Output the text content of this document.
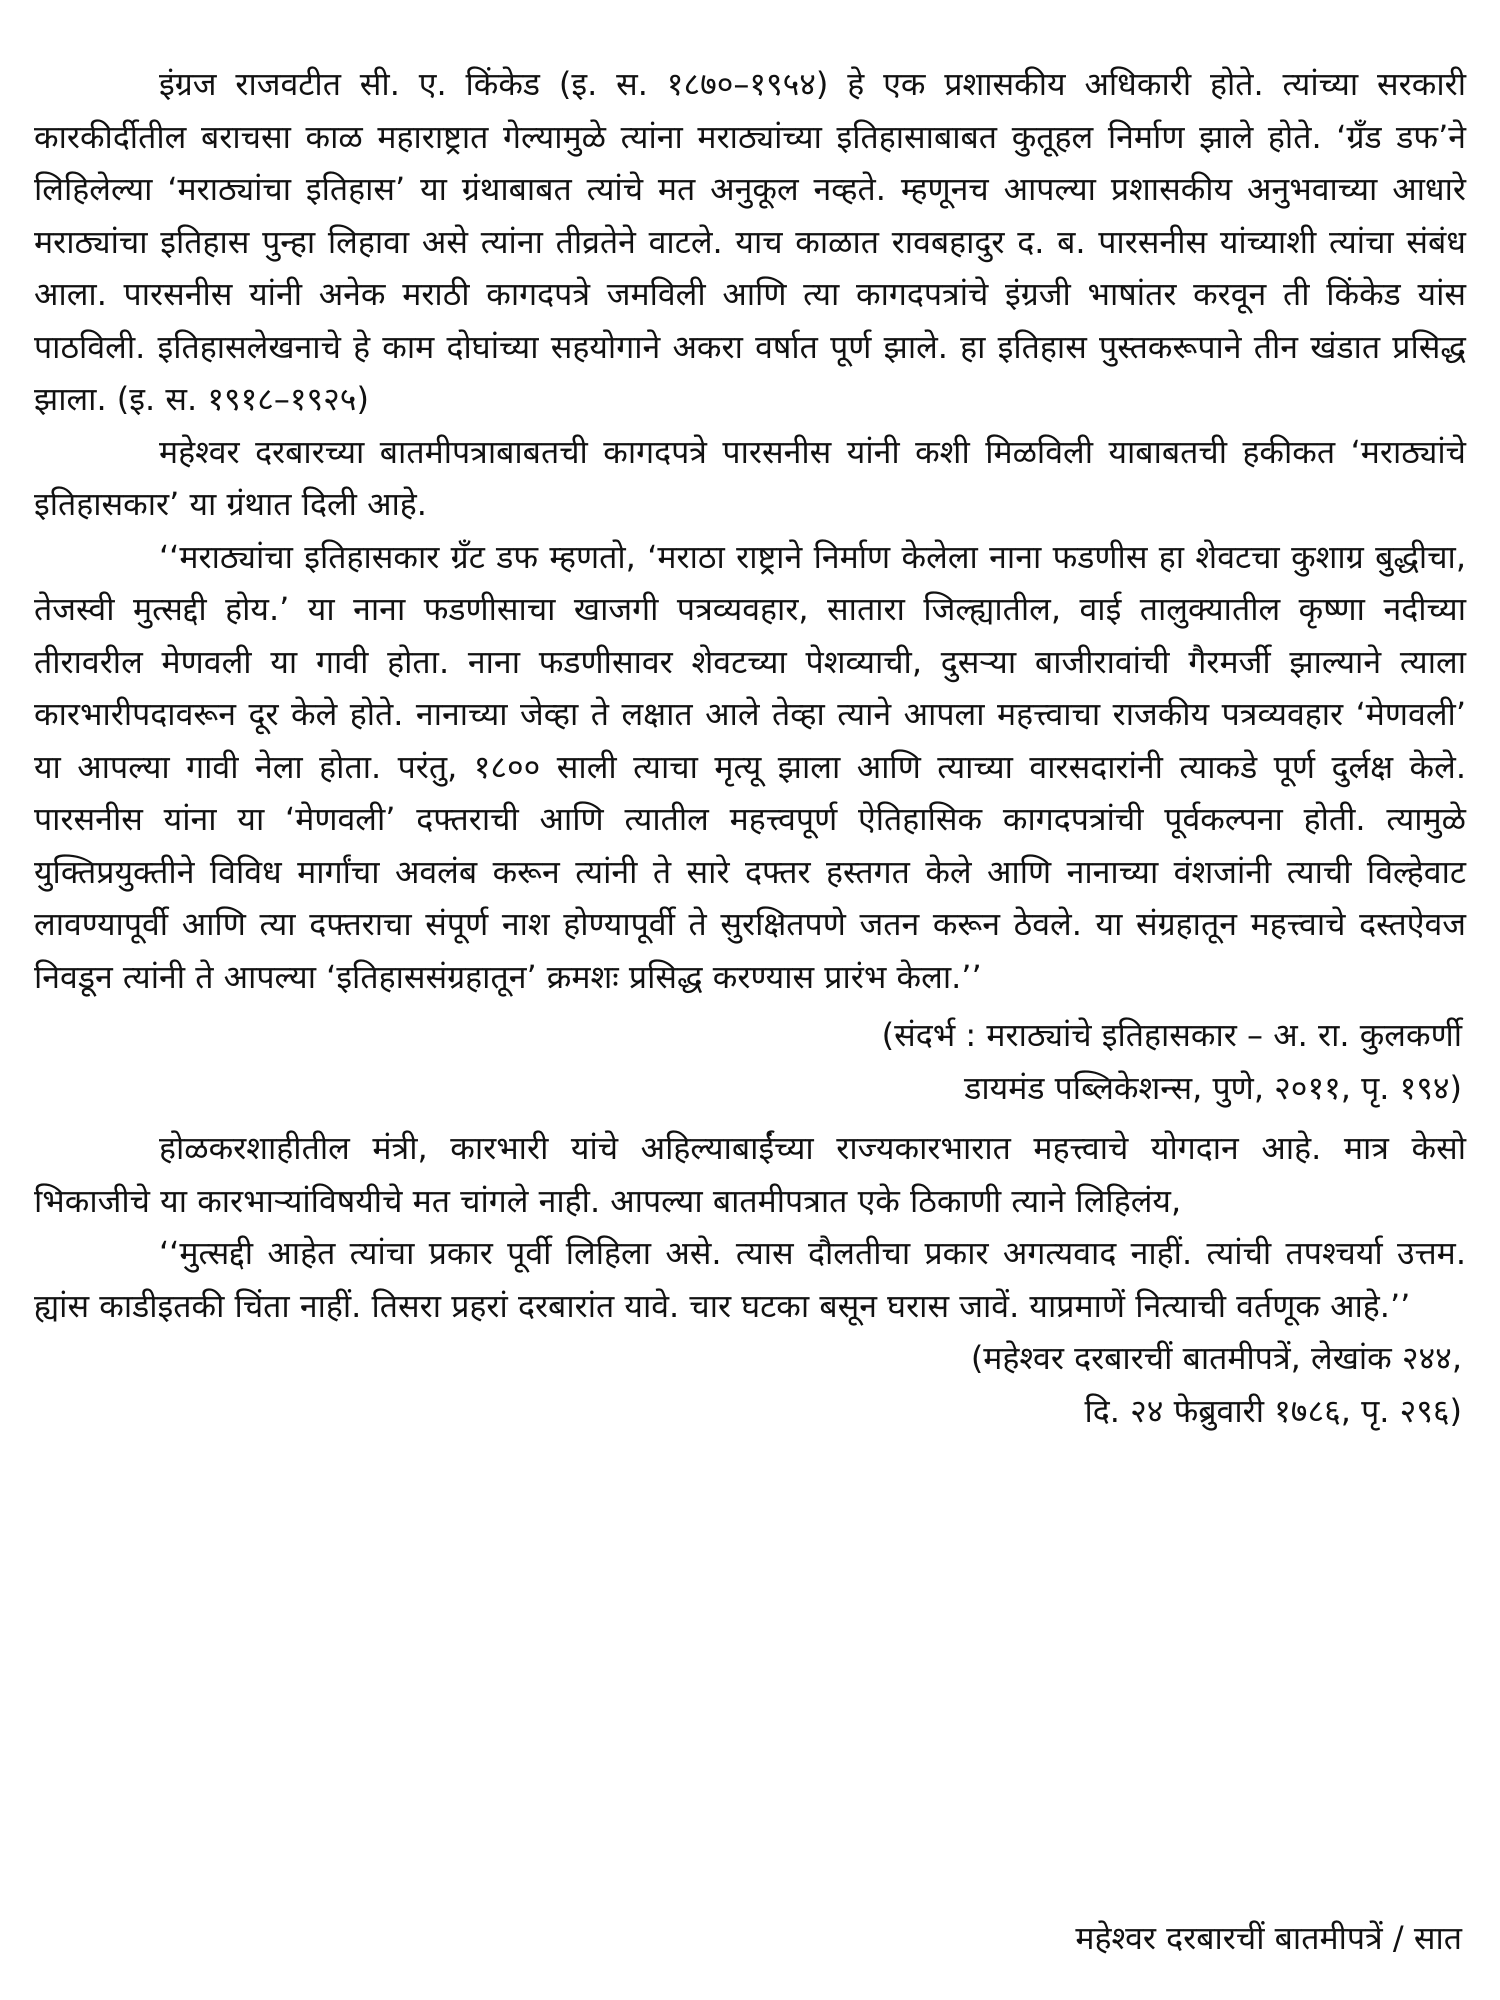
इंग्रज राजवटीत सी. ए. किंकेड (इ. स. १८७०–१९५४) हे एक प्रशासकीय अधिकारी होते. त्यांच्या सरकारी कारकीर्दीतील बराचसा काळ महाराष्ट्रात गेल्यामुळे त्यांना मराठ्यांच्या इतिहासाबाबत कुतूहल निर्माण झाले होते. ‘ग्रँड डफ’ने लिहिलेल्या ‘मराठ्यांचा इतिहास’ या ग्रंथाबाबत त्यांचे मत अनुकूल नव्हते. म्हणूनच आपल्या प्रशासकीय अनुभवाच्या आधारे मराठ्यांचा इतिहास पुन्हा लिहावा असे त्यांना तीव्रतेने वाटले. याच काळात रावबहादुर द. ब. पारसनीस यांच्याशी त्यांचा संबंध आला. पारसनीस यांनी अनेक मराठी कागदपत्रे जमविली आणि त्या कागदपत्रांचे इंग्रजी भाषांतर करवून ती किंकेड यांस पाठविली. इतिहासलेखनाचे हे काम दोघांच्या सहयोगाने अकरा वर्षात पूर्ण झाले. हा इतिहास पुस्तकरूपाने तीन खंडात प्रसिद्ध झाला. (इ. स. १९१८–१९२५)

महेश्वर दरबारच्या बातमीपत्राबाबतची कागदपत्रे पारसनीस यांनी कशी मिळविली याबाबतची हकीकत ‘मराठ्यांचे इतिहासकार’ या ग्रंथात दिली आहे.

‘‘मराठ्यांचा इतिहासकार ग्रँट डफ म्हणतो, ‘मराठा राष्ट्राने निर्माण केलेला नाना फडणीस हा शेवटचा कुशाग्र बुद्धीचा, तेजस्वी मुत्सद्दी होय.’ या नाना फडणीसाचा खाजगी पत्रव्यवहार, सातारा जिल्ह्यातील, वाई तालुक्यातील कृष्णा नदीच्या तीरावरील मेणवली या गावी होता. नाना फडणीसावर शेवटच्या पेशव्याची, दुसऱ्या बाजीरावांची गैरमर्जी झाल्याने त्याला कारभारीपदावरून दूर केले होते. नानाच्या जेव्हा ते लक्षात आले तेव्हा त्याने आपला महत्त्वाचा राजकीय पत्रव्यवहार ‘मेणवली’ या आपल्या गावी नेला होता. परंतु, १८०० साली त्याचा मृत्यू झाला आणि त्याच्या वारसदारांनी त्याकडे पूर्ण दुर्लक्ष केले. पारसनीस यांना या ‘मेणवली’ दफ्तराची आणि त्यातील महत्त्वपूर्ण ऐतिहासिक कागदपत्रांची पूर्वकल्पना होती. त्यामुळे युक्तिप्रयुक्तीने विविध मार्गांचा अवलंब करून त्यांनी ते सारे दफ्तर हस्तगत केले आणि नानाच्या वंशजांनी त्याची विल्हेवाट लावण्यापूर्वी आणि त्या दफ्तराचा संपूर्ण नाश होण्यापूर्वी ते सुरक्षितपणे जतन करून ठेवले. या संग्रहातून महत्त्वाचे दस्तऐवज निवडून त्यांनी ते आपल्या ‘इतिहाससंग्रहातून’ क्रमशः प्रसिद्ध करण्यास प्रारंभ केला.’’

(संदर्भ : मराठ्यांचे इतिहासकार – अ. रा. कुलकर्णी

डायमंड पब्लिकेशन्स, पुणे, २०११, पृ. १९४)

होळकरशाहीतील मंत्री, कारभारी यांचे अहिल्याबाईंच्या राज्यकारभारात महत्त्वाचे योगदान आहे. मात्र केसो भिकाजीचे या कारभाऱ्यांविषयीचे मत चांगले नाही. आपल्या बातमीपत्रात एके ठिकाणी त्याने लिहिलंय,

‘‘मुत्सद्दी आहेत त्यांचा प्रकार पूर्वी लिहिला असे. त्यास दौलतीचा प्रकार अगत्यवाद नाहीं. त्यांची तपश्चर्या उत्तम. ह्यांस काडीइतकी चिंता नाहीं. तिसरा प्रहरां दरबारांत यावे. चार घटका बसून घरास जावें. याप्रमाणें नित्याची वर्तणूक आहे.’’

(महेश्वर दरबारचीं बातमीपत्रें, लेखांक २४४,

दि. २४ फेब्रुवारी १७८६, पृ. २९६)

महेश्वर दरबारचीं बातमीपत्रें / सात
